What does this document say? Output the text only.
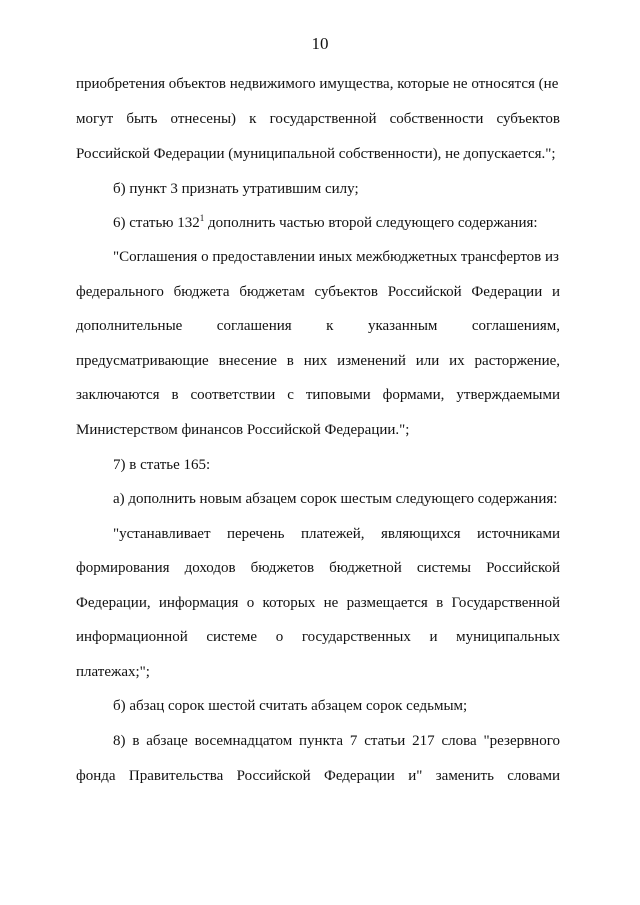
10
приобретения объектов недвижимого имущества, которые не относятся (не
могут быть отнесены) к государственной собственности субъектов
Российской Федерации (муниципальной собственности), не допускается.";
б) пункт 3 признать утратившим силу;
6) статью $132^1$ дополнить частью второй следующего содержания:
"Соглашения о предоставлении иных межбюджетных трансфертов из
федерального бюджета бюджетам субъектов Российской Федерации и
дополнительные соглашения к указанным соглашениям,
предусматривающие внесение в них изменений или их расторжение,
заключаются в соответствии с типовыми формами, утверждаемыми
Министерством финансов Российской Федерации.";
7) в статье 165:
а) дополнить новым абзацем сорок шестым следующего содержания:
"устанавливает перечень платежей, являющихся источниками
формирования доходов бюджетов бюджетной системы Российской
Федерации, информация о которых не размещается в Государственной
информационной системе о государственных и муниципальных
платежах;";
б) абзац сорок шестой считать абзацем сорок седьмым;
8) в абзаце восемнадцатом пункта 7 статьи 217 слова "резервного
фонда Правительства Российской Федерации и" заменить словами
